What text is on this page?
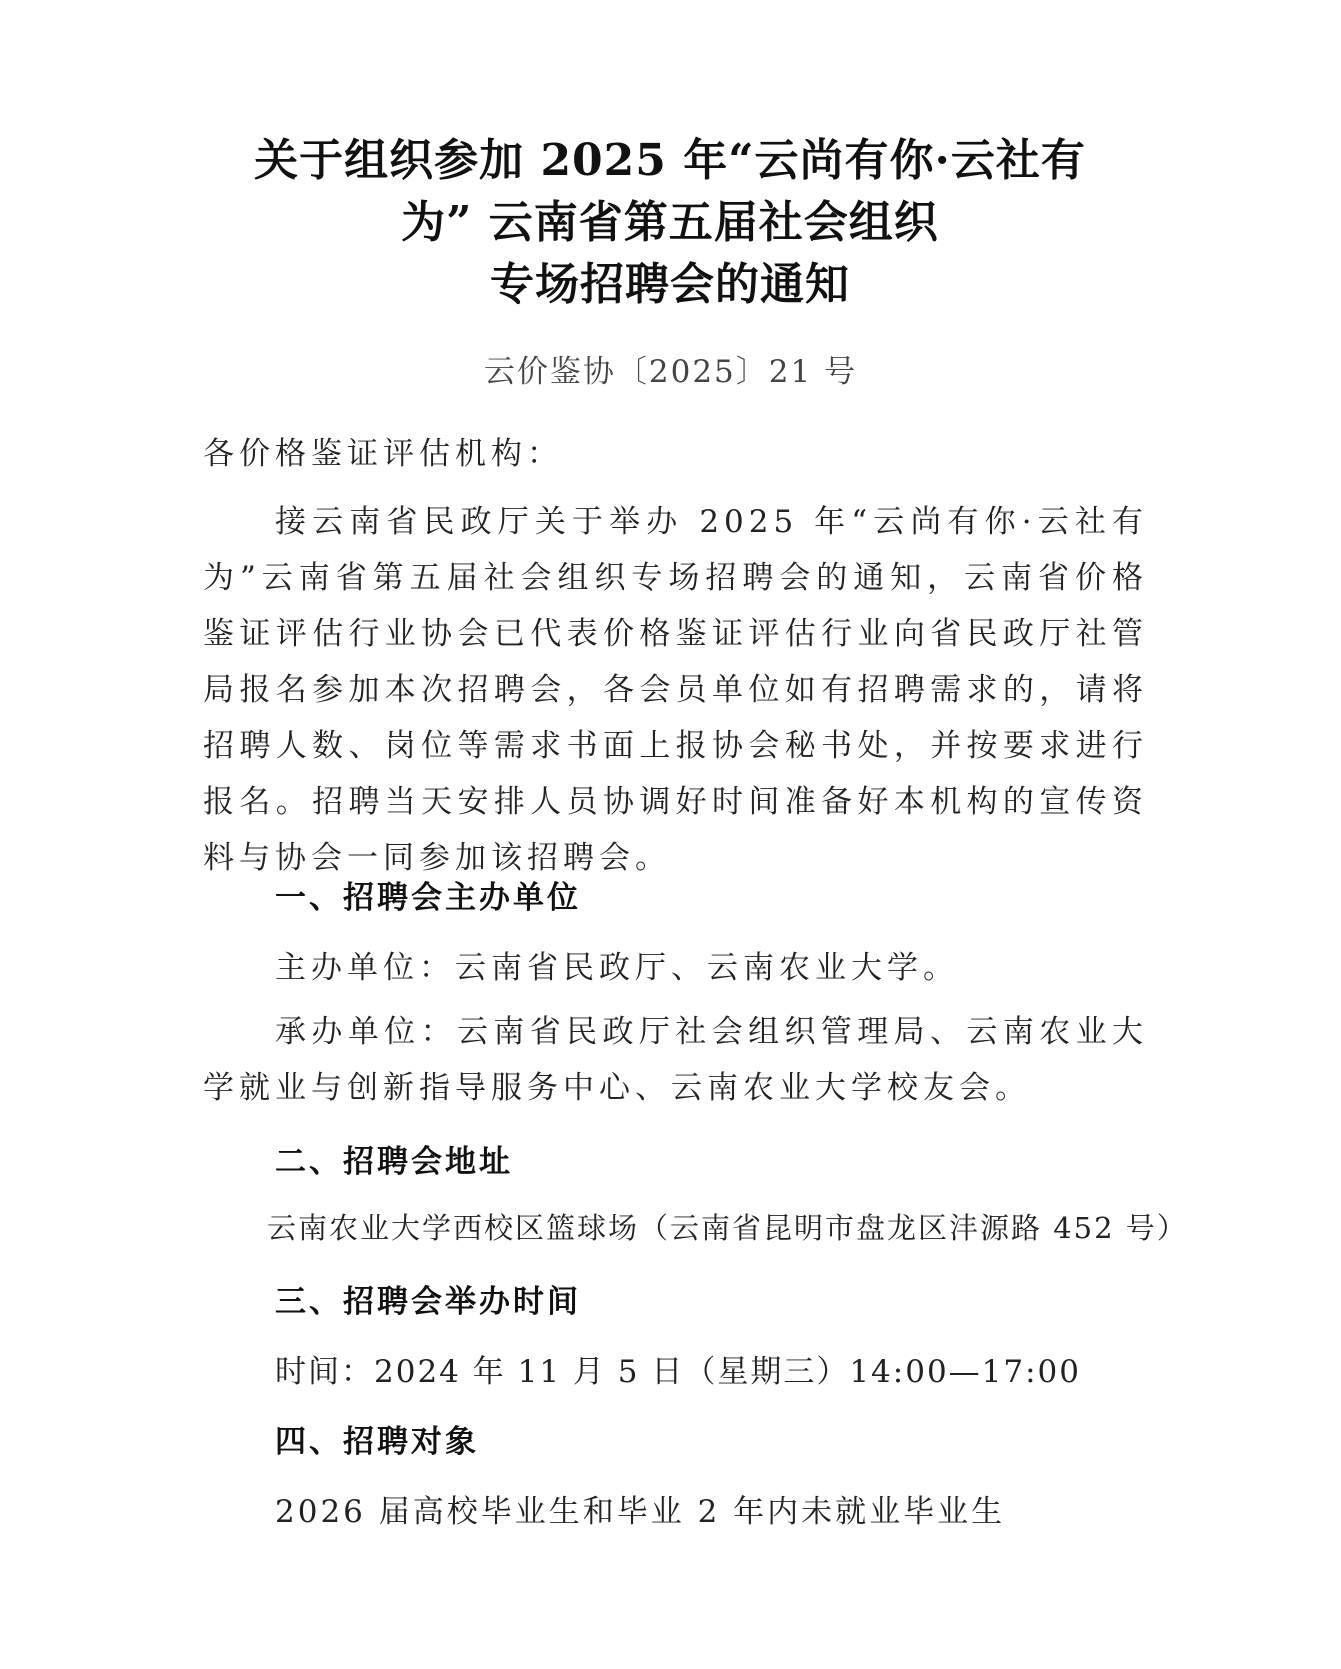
关于组织参加 2025 年“云尚有你·云社有
为” 云南省第五届社会组织
专场招聘会的通知
云价鉴协〔2025〕21 号
各价格鉴证评估机构：
接云南省民政厅关于举办 2025 年“云尚有你·云社有为”云南省第五届社会组织专场招聘会的通知，云南省价格鉴证评估行业协会已代表价格鉴证评估行业向省民政厅社管局报名参加本次招聘会，各会员单位如有招聘需求的，请将招聘人数、岗位等需求书面上报协会秘书处，并按要求进行报名。招聘当天安排人员协调好时间准备好本机构的宣传资料与协会一同参加该招聘会。
一、招聘会主办单位
主办单位：云南省民政厅、云南农业大学。
承办单位：云南省民政厅社会组织管理局、云南农业大学就业与创新指导服务中心、云南农业大学校友会。
二、招聘会地址
云南农业大学西校区篮球场（云南省昆明市盘龙区沣源路 452 号）
三、招聘会举办时间
时间：2024 年 11 月 5 日（星期三）14:00—17:00
四、招聘对象
2026 届高校毕业生和毕业 2 年内未就业毕业生
